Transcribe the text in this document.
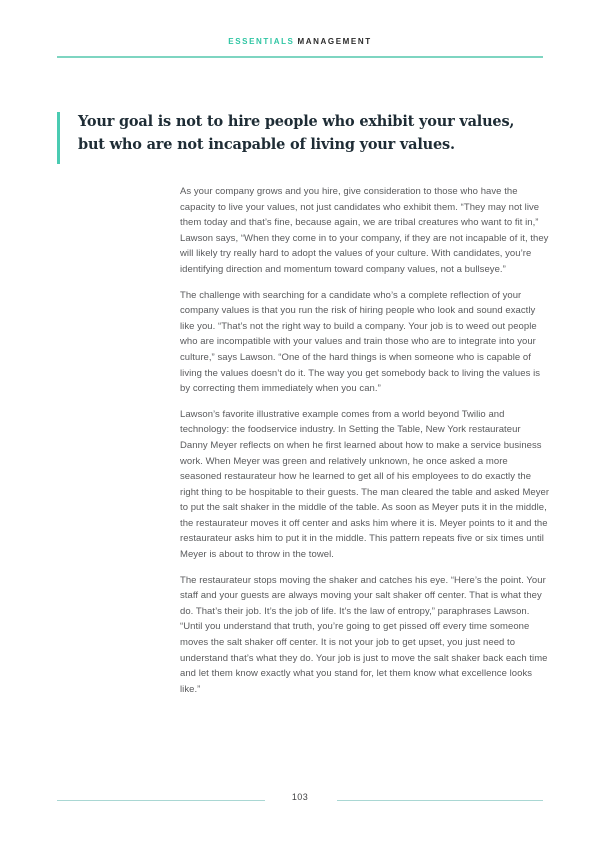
ESSENTIALS MANAGEMENT
Your goal is not to hire people who exhibit your values,
but who are not incapable of living your values.

As your company grows and you hire, give consideration to those who have the capacity to live your values, not just candidates who exhibit them. “They may not live them today and that’s fine, because again, we are tribal creatures who want to fit in,” Lawson says, “When they come in to your company, if they are not incapable of it, they will likely try really hard to adopt the values of your culture. With candidates, you’re identifying direction and momentum toward company values, not a bullseye.”

The challenge with searching for a candidate who’s a complete reflection of your company values is that you run the risk of hiring people who look and sound exactly like you. “That’s not the right way to build a company. Your job is to weed out people who are incompatible with your values and train those who are to integrate into your culture,” says Lawson. “One of the hard things is when someone who is capable of living the values doesn’t do it. The way you get somebody back to living the values is by correcting them immediately when you can.”

Lawson’s favorite illustrative example comes from a world beyond Twilio and technology: the foodservice industry. In Setting the Table, New York restaurateur Danny Meyer reflects on when he first learned about how to make a service business work. When Meyer was green and relatively unknown, he once asked a more seasoned restaurateur how he learned to get all of his employees to do exactly the right thing to be hospitable to their guests. The man cleared the table and asked Meyer to put the salt shaker in the middle of the table. As soon as Meyer puts it in the middle, the restaurateur moves it off center and asks him where it is. Meyer points to it and the restaurateur asks him to put it in the middle. This pattern repeats five or six times until Meyer is about to throw in the towel.

The restaurateur stops moving the shaker and catches his eye. “Here’s the point. Your staff and your guests are always moving your salt shaker off center. That is what they do. That’s their job. It’s the job of life. It’s the law of entropy,” paraphrases Lawson. “Until you understand that truth, you’re going to get pissed off every time someone moves the salt shaker off center. It is not your job to get upset, you just need to understand that’s what they do. Your job is just to move the salt shaker back each time and let them know exactly what you stand for, let them know what excellence looks like.”

103
